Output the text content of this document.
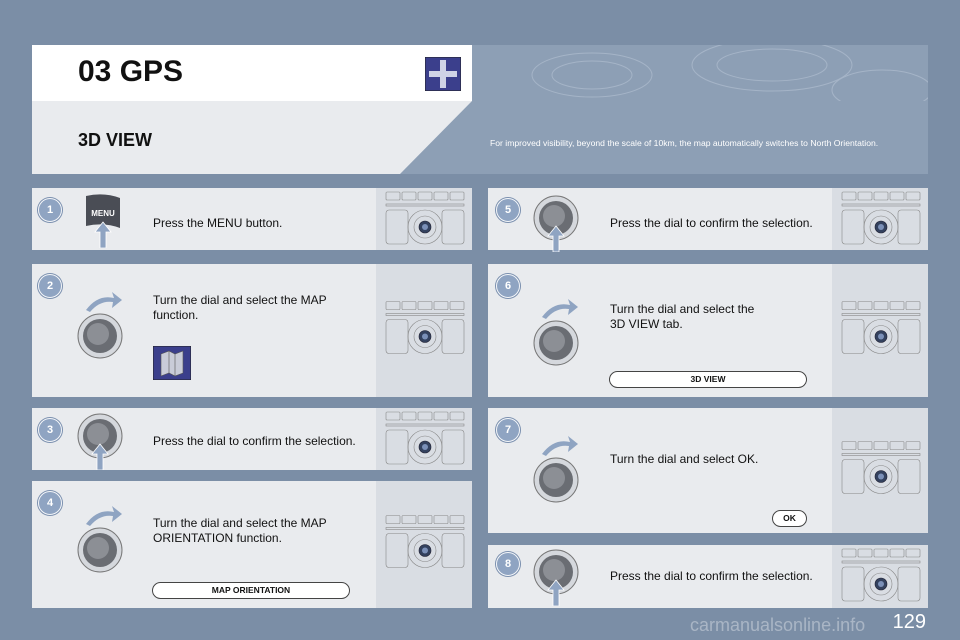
03 GPS
3D VIEW	For improved visibility, beyond the scale of 10km, the map automatically switches to North Orientation.
1	MENU
Press the MENU button.
2
Turn the dial and select the MAP function.
3
Press the dial to confirm the selection.
4
Turn the dial and select the MAP ORIENTATION function.
MAP ORIENTATION
5
Press the dial to confirm the selection.
6
Turn the dial and select the 3D VIEW tab.
3D VIEW
7
Turn the dial and select OK.
OK
8
Press the dial to confirm the selection.
129
carmanualsonline.info
